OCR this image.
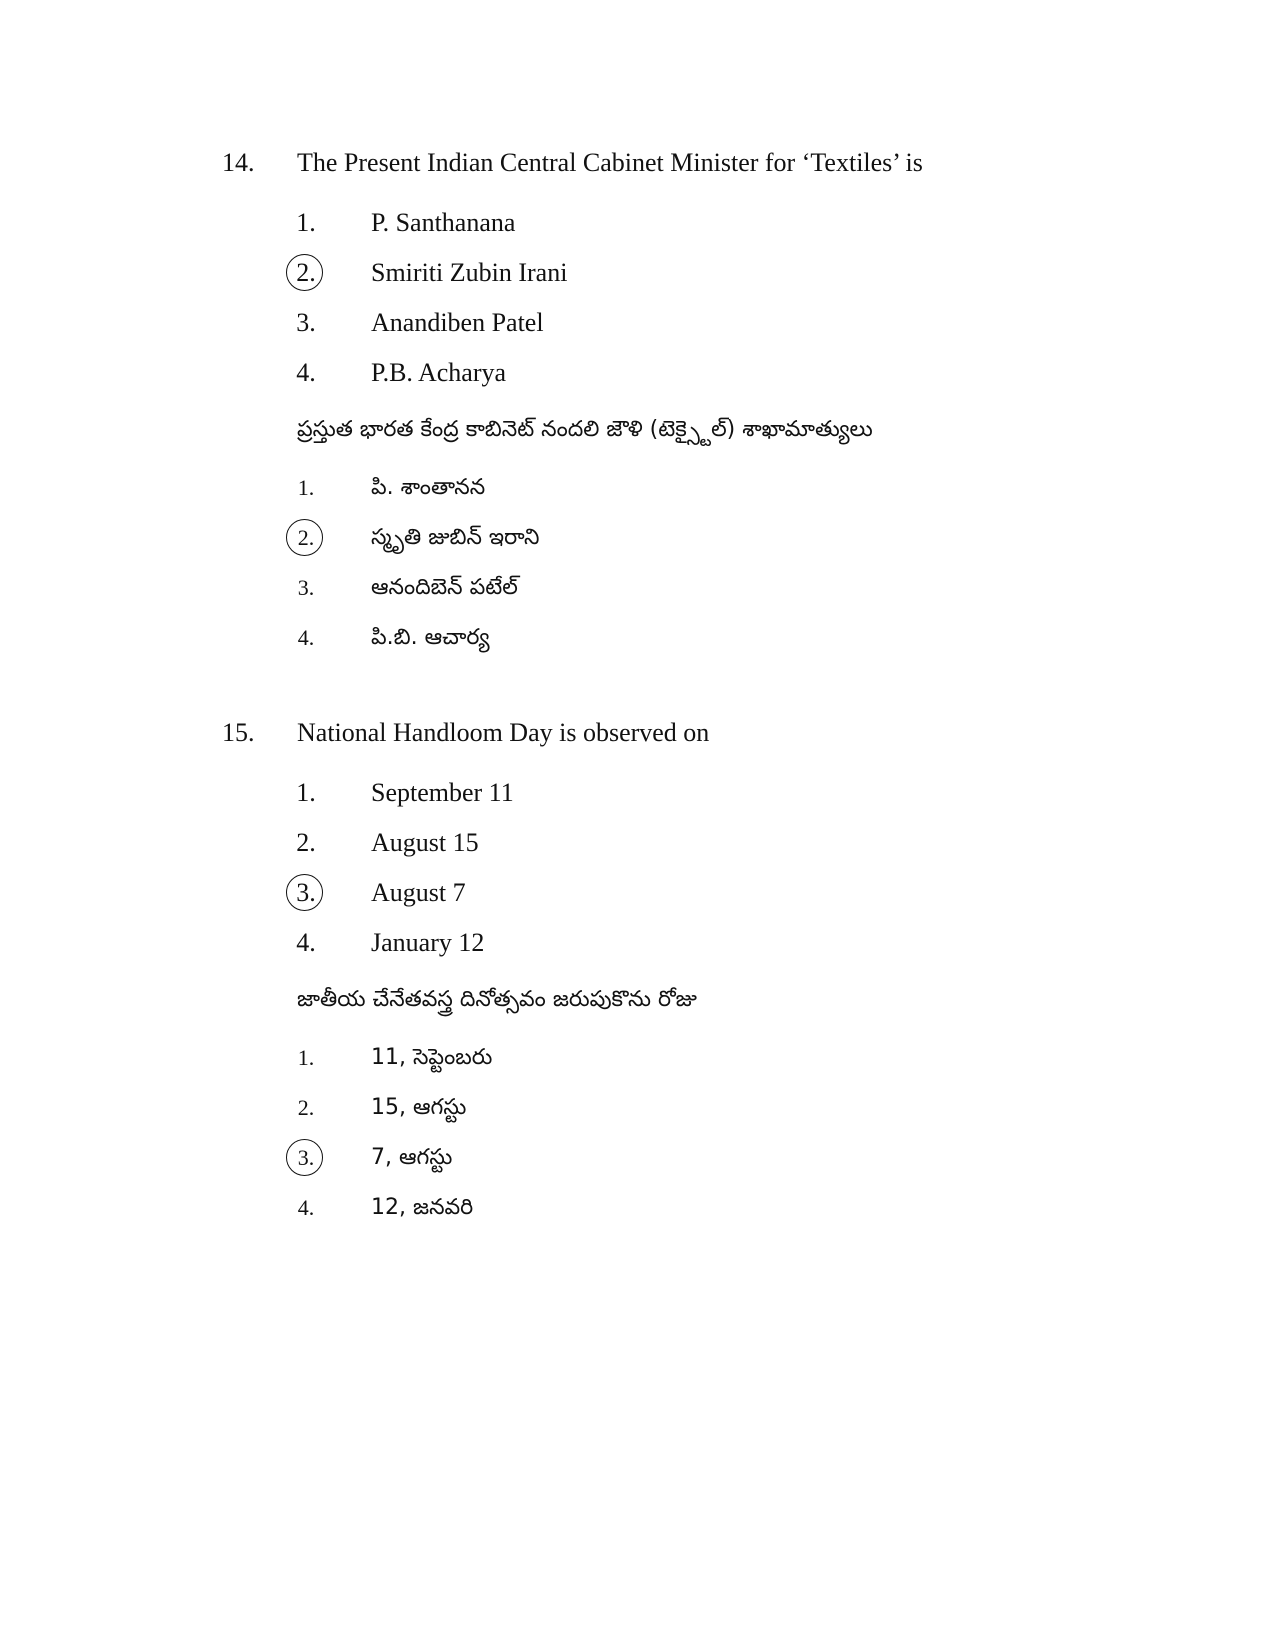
14. The Present Indian Central Cabinet Minister for ‘Textiles’ is
1.	P. Santhanana
2.	Smiriti Zubin Irani
3.	Anandiben Patel
4.	P.B. Acharya
ప్రస్తుత భారత కేంద్ర కాబినెట్ నందలి జౌళి (టెక్స్టైల్) శాఖామాత్యులు
1.	పి. శాంతానన
2.	స్మృతి జుబిన్ ఇరాని
3.	ఆనందిబెన్ పటేల్
4.	పి.బి. ఆచార్య
15. National Handloom Day is observed on
1.	September 11
2.	August 15
3.	August 7
4.	January 12
జాతీయ చేనేతవస్త్ర దినోత్సవం జరుపుకొను రోజు
1.	11, సెప్టెంబరు
2.	15, ఆగస్టు
3.	7, ఆగస్టు
4.	12, జనవరి
